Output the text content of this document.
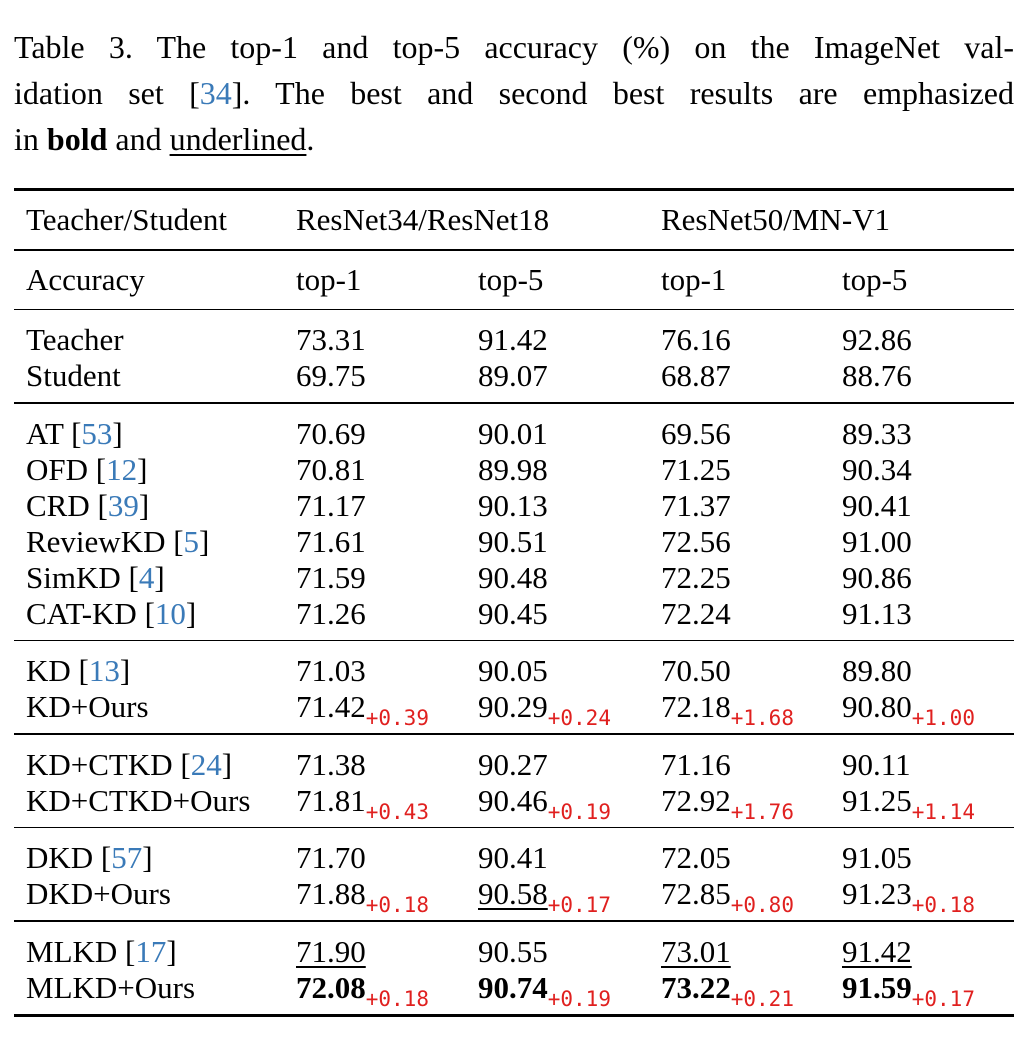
Table 3. The top-1 and top-5 accuracy (%) on the ImageNet val-
idation set [34]. The best and second best results are emphasized
in bold and underlined.
Teacher/Student ResNet34/ResNet18	ResNet50/MN-V1
Accuracy	top-1	top-5	top-1	top-5
Teacher	73.31	91.42	76.16	92.86
Student	69.75	89.07	68.87	88.76
AT [53]	70.69	90.01	69.56	89.33
OFD [12]	70.81	89.98	71.25	90.34
CRD [39]	71.17	90.13	71.37	90.41
ReviewKD [5]	71.61	90.51	72.56	91.00
SimKD [4]	71.59	90.48	72.25	90.86
CAT-KD [10]	71.26	90.45	72.24	91.13
KD [13]	71.03	90.05	70.50	89.80
KD+Ours	$71.42_{+0.39}$ $90.29_{+0.24}$ $72.18_{+1.68}$ $90.80_{+1.00}$
KD+CTKD [24] 71.38	90.27	71.16	90.11
KD+CTKD+Ours $71.81_{+0.43}$ $90.46_{+0.19}$ $72.92_{+1.76}$ $91.25_{+1.14}$
DKD [57]	71.70	90.41	72.05	91.05
DKD+Ours	$71.88_{+0.18}$ $90.58_{+0.17}$ $72.85_{+0.80}$ $91.23_{+0.18}$
MLKD [17]	71.90	90.55	73.01	91.42
MLKD+Ours	$72.08_{+0.18}$ $90.74_{+0.19}$ $73.22_{+0.21}$ $91.59_{+0.17}$
